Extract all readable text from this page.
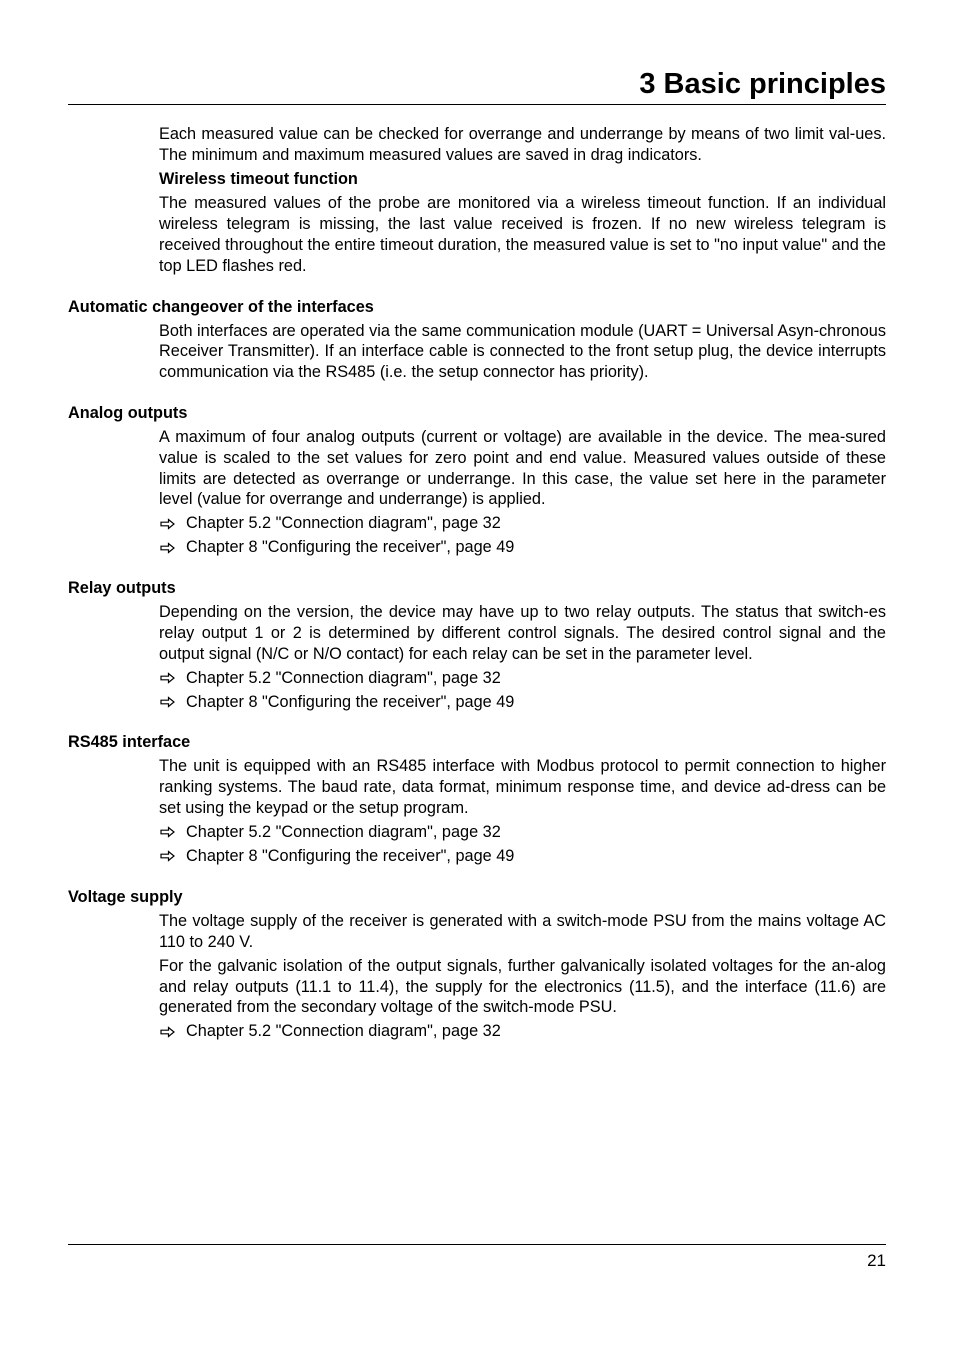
3 Basic principles

Each measured value can be checked for overrange and underrange by means of two limit val-ues. The minimum and maximum measured values are saved in drag indicators.

Wireless timeout function

The measured values of the probe are monitored via a wireless timeout function. If an individual wireless telegram is missing, the last value received is frozen. If no new wireless telegram is received throughout the entire timeout duration, the measured value is set to "no input value" and the top LED flashes red.

Automatic changeover of the interfaces

Both interfaces are operated via the same communication module (UART = Universal Asyn-chronous Receiver Transmitter). If an interface cable is connected to the front setup plug, the device interrupts communication via the RS485 (i.e. the setup connector has priority).

Analog outputs

A maximum of four analog outputs (current or voltage) are available in the device. The mea-sured value is scaled to the set values for zero point and end value. Measured values outside of these limits are detected as overrange or underrange. In this case, the value set here in the parameter level (value for overrange and underrange) is applied.

Chapter 5.2 "Connection diagram", page 32
Chapter 8 "Configuring the receiver", page 49
Relay outputs

Depending on the version, the device may have up to two relay outputs. The status that switch-es relay output 1 or 2 is determined by different control signals. The desired control signal and the output signal (N/C or N/O contact) for each relay can be set in the parameter level.

Chapter 5.2 "Connection diagram", page 32
Chapter 8 "Configuring the receiver", page 49
RS485 interface

The unit is equipped with an RS485 interface with Modbus protocol to permit connection to higher ranking systems. The baud rate, data format, minimum response time, and device ad-dress can be set using the keypad or the setup program.

Chapter 5.2 "Connection diagram", page 32
Chapter 8 "Configuring the receiver", page 49
Voltage supply

The voltage supply of the receiver is generated with a switch-mode PSU from the mains voltage AC 110 to 240 V.

For the galvanic isolation of the output signals, further galvanically isolated voltages for the an-alog and relay outputs (11.1 to 11.4), the supply for the electronics (11.5), and the interface (11.6) are generated from the secondary voltage of the switch-mode PSU.

Chapter 5.2 "Connection diagram", page 32
21
